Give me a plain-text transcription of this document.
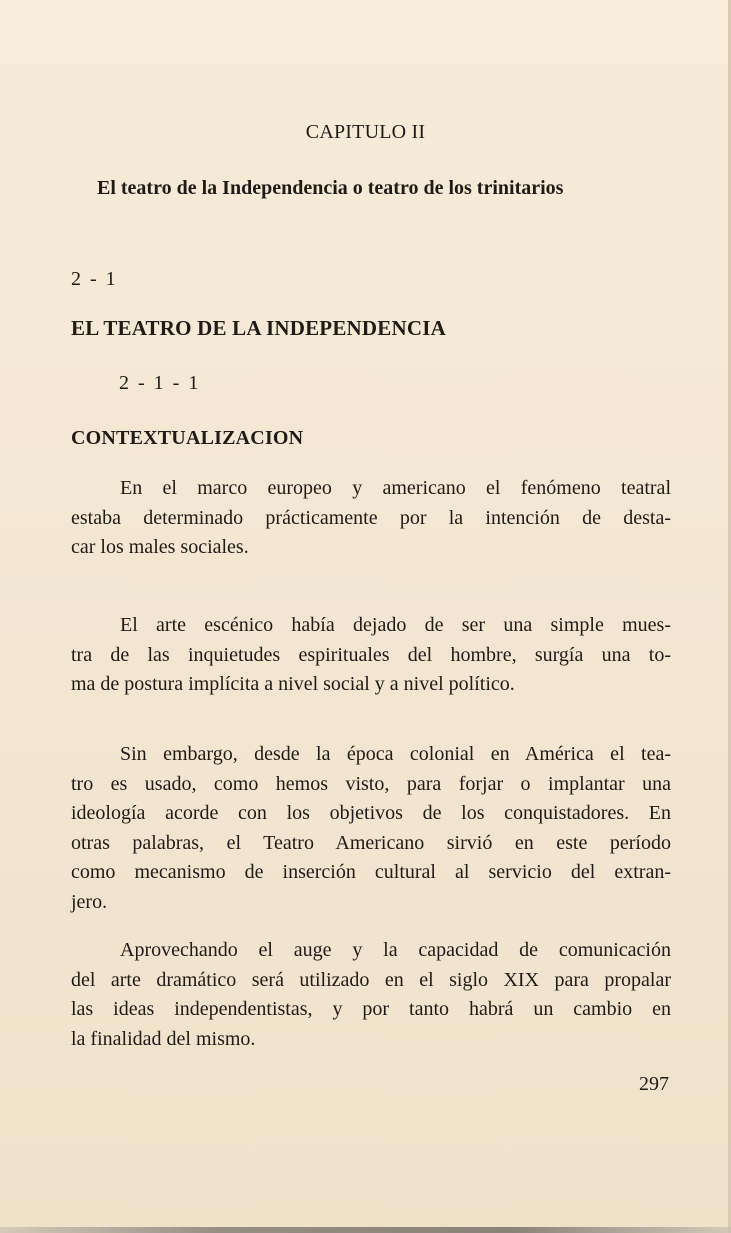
CAPITULO II
El teatro de la Independencia o teatro de los trinitarios
2 - 1
EL TEATRO DE LA INDEPENDENCIA
2 - 1 - 1
CONTEXTUALIZACION
En el marco europeo y americano el fenómeno teatral
estaba determinado prácticamente por la intención de desta-
car los males sociales.
El arte escénico había dejado de ser una simple mues-
tra de las inquietudes espirituales del hombre, surgía una to-
ma de postura implícita a nivel social y a nivel político.
Sin embargo, desde la época colonial en América el tea-
tro es usado, como hemos visto, para forjar o implantar una
ideología acorde con los objetivos de los conquistadores. En
otras palabras, el Teatro Americano sirvió en este período
como mecanismo de inserción cultural al servicio del extran-
jero.
Aprovechando el auge y la capacidad de comunicación
del arte dramático será utilizado en el siglo XIX para propalar
las ideas independentistas, y por tanto habrá un cambio en
la finalidad del mismo.
297
